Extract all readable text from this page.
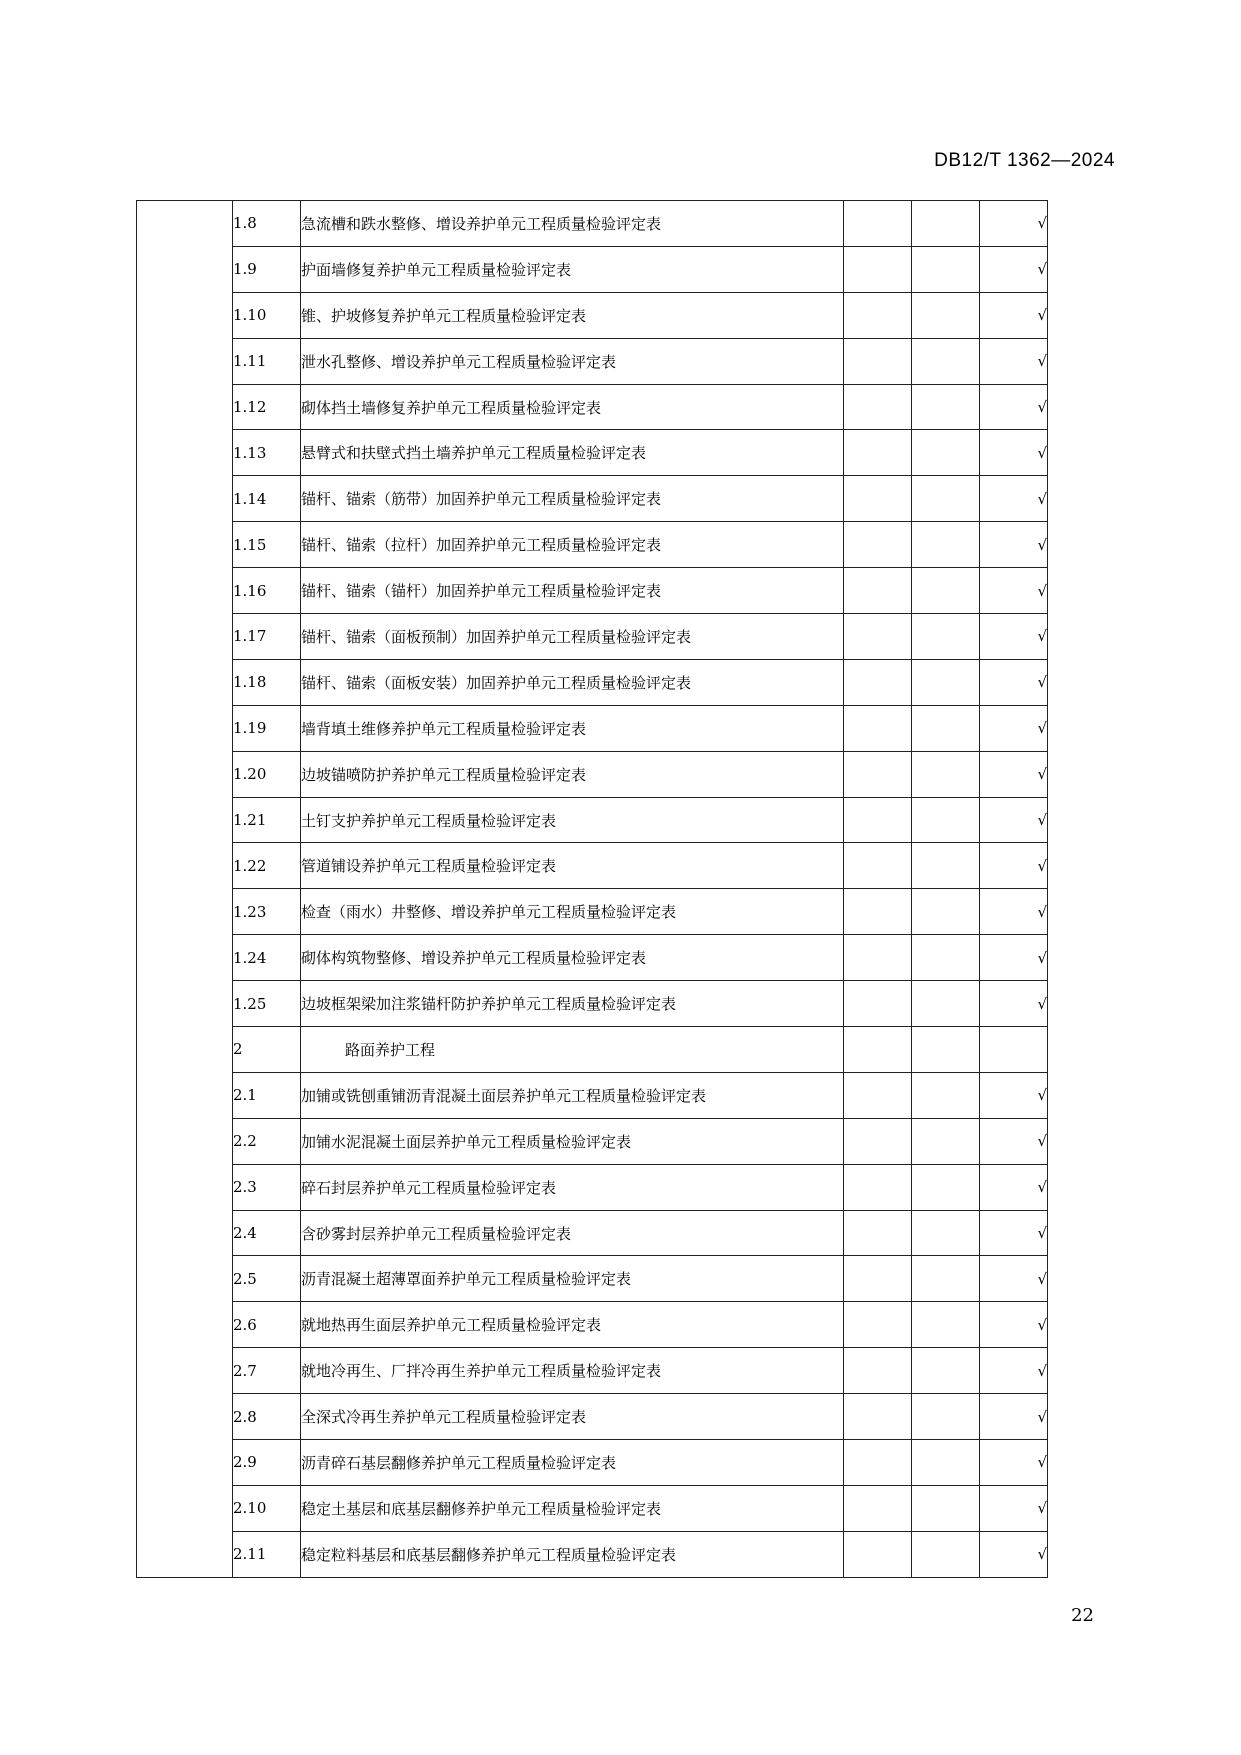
DB12/T 1362—2024
	1.8	急流槽和跌水整修、增设养护单元工程质量检验评定表			√
	1.9	护面墙修复养护单元工程质量检验评定表			√
	1.10	锥、护坡修复养护单元工程质量检验评定表			√
	1.11	泄水孔整修、增设养护单元工程质量检验评定表			√
	1.12	砌体挡土墙修复养护单元工程质量检验评定表			√
	1.13	悬臂式和扶壁式挡土墙养护单元工程质量检验评定表			√
	1.14	锚杆、锚索（筋带）加固养护单元工程质量检验评定表			√
	1.15	锚杆、锚索（拉杆）加固养护单元工程质量检验评定表			√
	1.16	锚杆、锚索（锚杆）加固养护单元工程质量检验评定表			√
	1.17	锚杆、锚索（面板预制）加固养护单元工程质量检验评定表			√
	1.18	锚杆、锚索（面板安装）加固养护单元工程质量检验评定表			√
	1.19	墙背填土维修养护单元工程质量检验评定表			√
	1.20	边坡锚喷防护养护单元工程质量检验评定表			√
	1.21	土钉支护养护单元工程质量检验评定表			√
	1.22	管道铺设养护单元工程质量检验评定表			√
	1.23	检查（雨水）井整修、增设养护单元工程质量检验评定表			√
	1.24	砌体构筑物整修、增设养护单元工程质量检验评定表			√
	1.25	边坡框架梁加注浆锚杆防护养护单元工程质量检验评定表			√
	2	路面养护工程			
	2.1	加铺或铣刨重铺沥青混凝土面层养护单元工程质量检验评定表			√
	2.2	加铺水泥混凝土面层养护单元工程质量检验评定表			√
	2.3	碎石封层养护单元工程质量检验评定表			√
	2.4	含砂雾封层养护单元工程质量检验评定表			√
	2.5	沥青混凝土超薄罩面养护单元工程质量检验评定表			√
	2.6	就地热再生面层养护单元工程质量检验评定表			√
	2.7	就地冷再生、厂拌冷再生养护单元工程质量检验评定表			√
	2.8	全深式冷再生养护单元工程质量检验评定表			√
	2.9	沥青碎石基层翻修养护单元工程质量检验评定表			√
	2.10	稳定土基层和底基层翻修养护单元工程质量检验评定表			√
	2.11	稳定粒料基层和底基层翻修养护单元工程质量检验评定表			√
22
